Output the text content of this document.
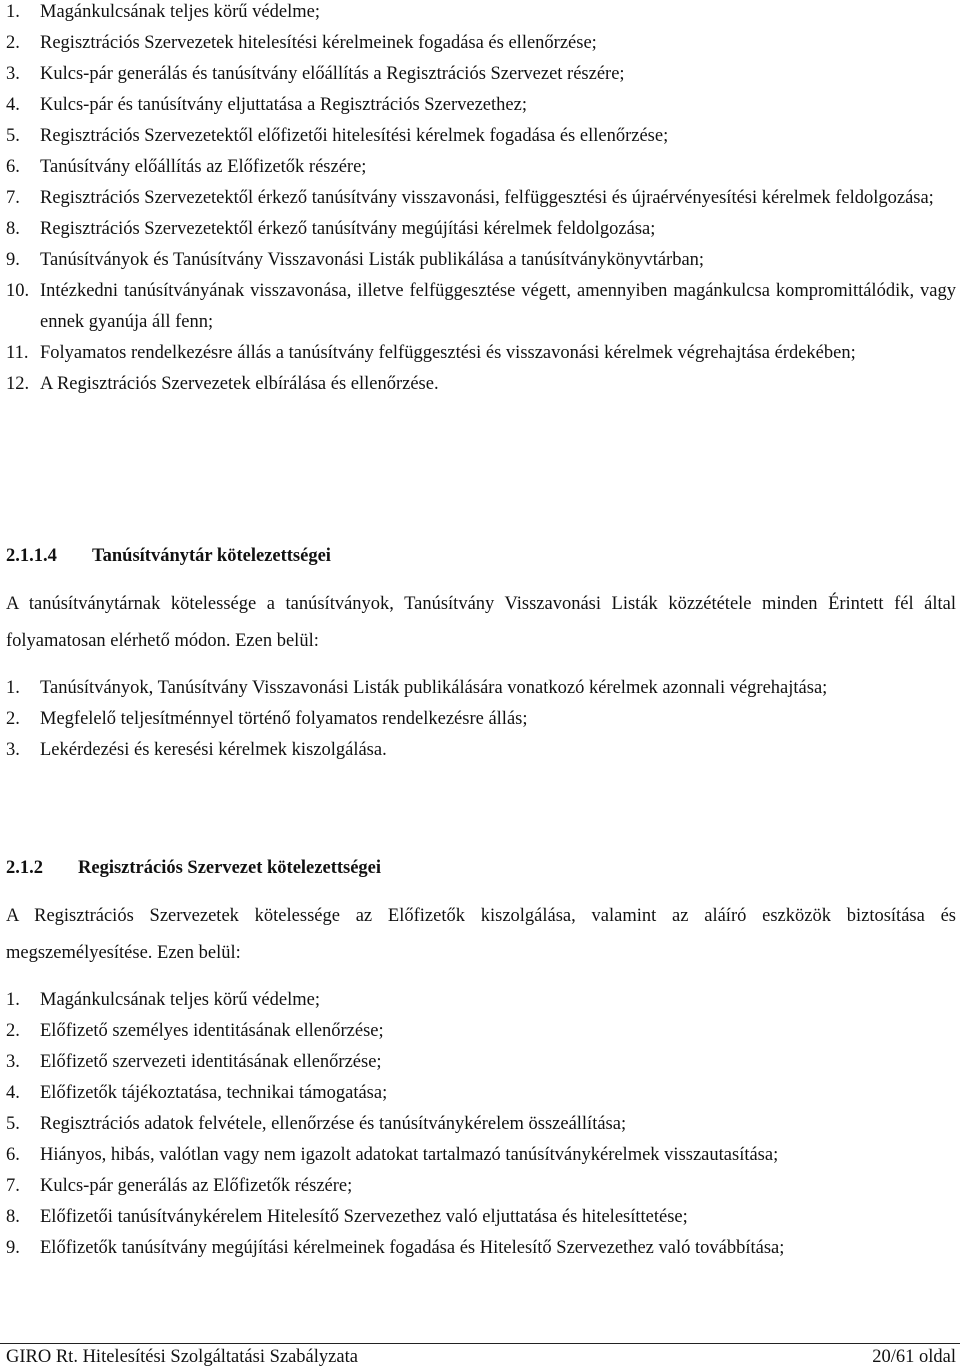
1. Magánkulcsának teljes körű védelme;
2. Regisztrációs Szervezetek hitelesítési kérelmeinek fogadása és ellenőrzése;
3. Kulcs-pár generálás és tanúsítvány előállítás a Regisztrációs Szervezet részére;
4. Kulcs-pár és tanúsítvány eljuttatása a Regisztrációs Szervezethez;
5. Regisztrációs Szervezetektől előfizetői hitelesítési kérelmek fogadása és ellenőrzése;
6. Tanúsítvány előállítás az Előfizetők részére;
7. Regisztrációs Szervezetektől érkező tanúsítvány visszavonási, felfüggesztési és újraérvényesítési kérelmek feldolgozása;
8. Regisztrációs Szervezetektől érkező tanúsítvány megújítási kérelmek feldolgozása;
9. Tanúsítványok és Tanúsítvány Visszavonási Listák publikálása a tanúsítványkönyvtárban;
10. Intézkedni tanúsítványának visszavonása, illetve felfüggesztése végett, amennyiben magánkulcsa kompromittálódik, vagy ennek gyanúja áll fenn;
11. Folyamatos rendelkezésre állás a tanúsítvány felfüggesztési és visszavonási kérelmek végrehajtása érdekében;
12. A Regisztrációs Szervezetek elbírálása és ellenőrzése.
2.1.1.4 Tanúsítványtár kötelezettségei

A tanúsítványtárnak kötelessége a tanúsítványok, Tanúsítvány Visszavonási Listák közzététele minden Érintett fél által folyamatosan elérhető módon. Ezen belül:

1. Tanúsítványok, Tanúsítvány Visszavonási Listák publikálására vonatkozó kérelmek azonnali végrehajtása;
2. Megfelelő teljesítménnyel történő folyamatos rendelkezésre állás;
3. Lekérdezési és keresési kérelmek kiszolgálása.
2.1.2 Regisztrációs Szervezet kötelezettségei

A Regisztrációs Szervezetek kötelessége az Előfizetők kiszolgálása, valamint az aláíró eszközök biztosítása és megszemélyesítése. Ezen belül:

1. Magánkulcsának teljes körű védelme;
2. Előfizető személyes identitásának ellenőrzése;
3. Előfizető szervezeti identitásának ellenőrzése;
4. Előfizetők tájékoztatása, technikai támogatása;
5. Regisztrációs adatok felvétele, ellenőrzése és tanúsítványkérelem összeállítása;
6. Hiányos, hibás, valótlan vagy nem igazolt adatokat tartalmazó tanúsítványkérelmek visszautasítása;
7. Kulcs-pár generálás az Előfizetők részére;
8. Előfizetői tanúsítványkérelem Hitelesítő Szervezethez való eljuttatása és hitelesíttetése;
9. Előfizetők tanúsítvány megújítási kérelmeinek fogadása és Hitelesítő Szervezethez való továbbítása;
GIRO Rt. Hitelesítési Szolgáltatási Szabályzata	20/61 oldal
